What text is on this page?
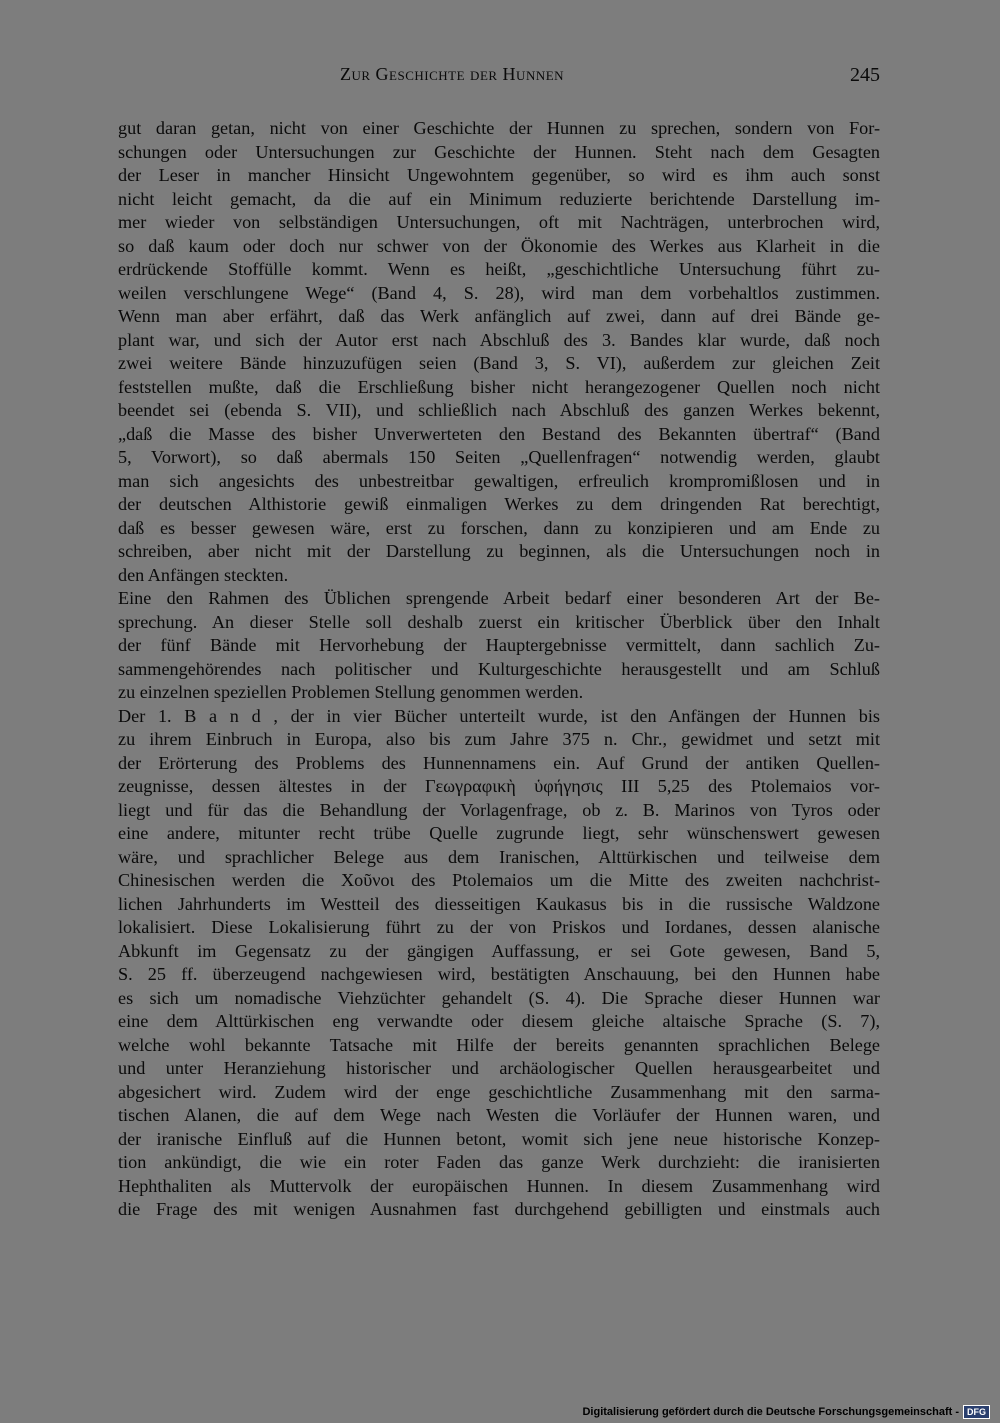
Zur Geschichte der Hunnen	245
gut daran getan, nicht von einer Geschichte der Hunnen zu sprechen, sondern von For-
schungen oder Untersuchungen zur Geschichte der Hunnen. Steht nach dem Gesagten
der Leser in mancher Hinsicht Ungewohntem gegenüber, so wird es ihm auch sonst
nicht leicht gemacht, da die auf ein Minimum reduzierte berichtende Darstellung im-
mer wieder von selbständigen Untersuchungen, oft mit Nachträgen, unterbrochen wird,
so daß kaum oder doch nur schwer von der Ökonomie des Werkes aus Klarheit in die
erdrückende Stoffülle kommt. Wenn es heißt, „geschichtliche Untersuchung führt zu-
weilen verschlungene Wege“ (Band 4, S. 28), wird man dem vorbehaltlos zustimmen.
Wenn man aber erfährt, daß das Werk anfänglich auf zwei, dann auf drei Bände ge-
plant war, und sich der Autor erst nach Abschluß des 3. Bandes klar wurde, daß noch
zwei weitere Bände hinzuzufügen seien (Band 3, S. VI), außerdem zur gleichen Zeit
feststellen mußte, daß die Erschließung bisher nicht herangezogener Quellen noch nicht
beendet sei (ebenda S. VII), und schließlich nach Abschluß des ganzen Werkes bekennt,
„daß die Masse des bisher Unverwerteten den Bestand des Bekannten übertraf“ (Band
5, Vorwort), so daß abermals 150 Seiten „Quellenfragen“ notwendig werden, glaubt
man sich angesichts des unbestreitbar gewaltigen, erfreulich krompromißlosen und in
der deutschen Althistorie gewiß einmaligen Werkes zu dem dringenden Rat berechtigt,
daß es besser gewesen wäre, erst zu forschen, dann zu konzipieren und am Ende zu
schreiben, aber nicht mit der Darstellung zu beginnen, als die Untersuchungen noch in
den Anfängen steckten.
Eine den Rahmen des Üblichen sprengende Arbeit bedarf einer besonderen Art der Be-
sprechung. An dieser Stelle soll deshalb zuerst ein kritischer Überblick über den Inhalt
der fünf Bände mit Hervorhebung der Hauptergebnisse vermittelt, dann sachlich Zu-
sammengehörendes nach politischer und Kulturgeschichte herausgestellt und am Schluß
zu einzelnen speziellen Problemen Stellung genommen werden.
Der 1. B a n d , der in vier Bücher unterteilt wurde, ist den Anfängen der Hunnen bis
zu ihrem Einbruch in Europa, also bis zum Jahre 375 n. Chr., gewidmet und setzt mit
der Erörterung des Problems des Hunnennamens ein. Auf Grund der antiken Quellen-
zeugnisse, dessen ältestes in der Γεωγραφικὴ ὑφήγησις III 5,25 des Ptolemaios vor-
liegt und für das die Behandlung der Vorlagenfrage, ob z. B. Marinos von Tyros oder
eine andere, mitunter recht trübe Quelle zugrunde liegt, sehr wünschenswert gewesen
wäre, und sprachlicher Belege aus dem Iranischen, Alttürkischen und teilweise dem
Chinesischen werden die Χοῦνοι des Ptolemaios um die Mitte des zweiten nachchrist-
lichen Jahrhunderts im Westteil des diesseitigen Kaukasus bis in die russische Waldzone
lokalisiert. Diese Lokalisierung führt zu der von Priskos und Iordanes, dessen alanische
Abkunft im Gegensatz zu der gängigen Auffassung, er sei Gote gewesen, Band 5,
S. 25 ff. überzeugend nachgewiesen wird, bestätigten Anschauung, bei den Hunnen habe
es sich um nomadische Viehzüchter gehandelt (S. 4). Die Sprache dieser Hunnen war
eine dem Alttürkischen eng verwandte oder diesem gleiche altaische Sprache (S. 7),
welche wohl bekannte Tatsache mit Hilfe der bereits genannten sprachlichen Belege
und unter Heranziehung historischer und archäologischer Quellen herausgearbeitet und
abgesichert wird. Zudem wird der enge geschichtliche Zusammenhang mit den sarma-
tischen Alanen, die auf dem Wege nach Westen die Vorläufer der Hunnen waren, und
der iranische Einfluß auf die Hunnen betont, womit sich jene neue historische Konzep-
tion ankündigt, die wie ein roter Faden das ganze Werk durchzieht: die iranisierten
Hephthaliten als Muttervolk der europäischen Hunnen. In diesem Zusammenhang wird
die Frage des mit wenigen Ausnahmen fast durchgehend gebilligten und einstmals auch
Digitalisierung gefördert durch die Deutsche Forschungsgemeinschaft - DFG
